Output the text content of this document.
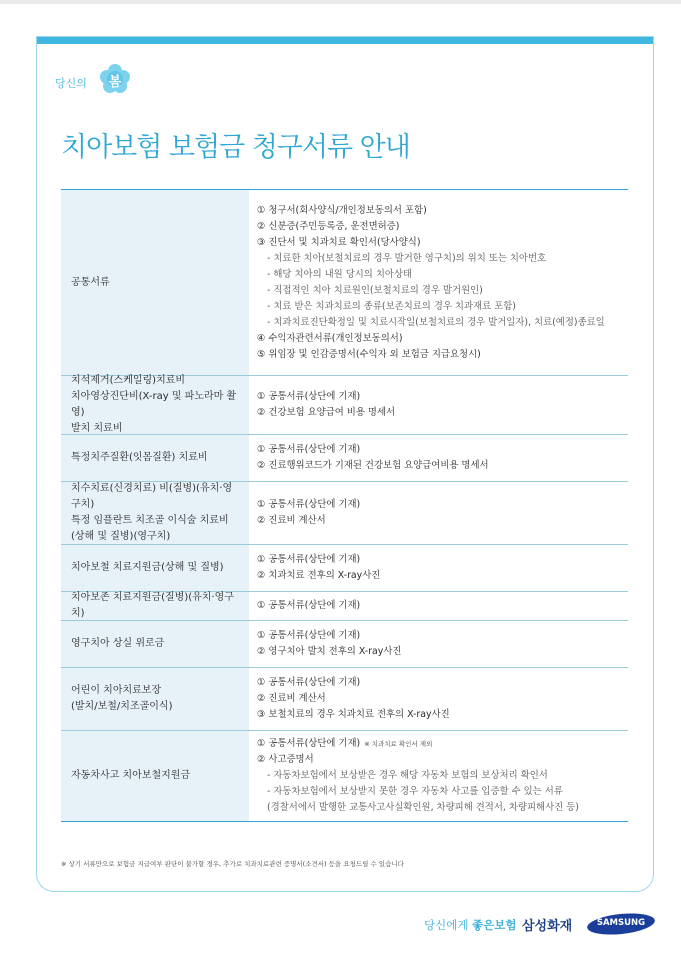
당신의	봄
치아보험 보험금 청구서류 안내
공통서류
① 청구서(회사양식/개인정보동의서 포함)
② 신분증(주민등록증, 운전면허증)
③ 진단서 및 치과치료 확인서(당사양식)
- 치료한 치아(보철치료의 경우 발거한 영구치)의 위치 또는 치아번호
- 해당 치아의 내원 당시의 치아상태
- 직접적인 치아 치료원인(보철치료의 경우 발거원인)
- 치료 받은 치과치료의 종류(보존치료의 경우 치과재료 포함)
- 치과치료진단확정일 및 치료시작일(보철치료의 경우 발거일자), 치료(예정)종료일
④ 수익자관련서류(개인정보동의서)
⑤ 위임장 및 인감증명서(수익자 외 보험금 지급요청시)
치석제거(스케일링)치료비
치아영상진단비(X-ray 및 파노라마 촬영)
발치 치료비
① 공통서류(상단에 기재)
② 건강보험 요양급여 비용 명세서
특정치주질환(잇몸질환) 치료비
① 공통서류(상단에 기재)
② 진료행위코드가 기재된 건강보험 요양급여비용 명세서
치수치료(신경치료) 비(질병)(유치·영구치)
특정 임플란트 치조골 이식술 치료비
(상해 및 질병)(영구치)
① 공통서류(상단에 기재)
② 진료비 계산서
치아보철 치료지원금(상해 및 질병)
① 공통서류(상단에 기재)
② 치과치료 전후의 X-ray사진
치아보존 치료지원금(질병)(유치·영구치)
① 공통서류(상단에 기재)
영구치아 상실 위로금
① 공통서류(상단에 기재)
② 영구치아 발치 전후의 X-ray사진
어린이 치아치료보장
(발치/보철/치조골이식)
① 공통서류(상단에 기재)
② 진료비 계산서
③ 보철치료의 경우 치과치료 전후의 X-ray사진
자동차사고 치아보철지원금
① 공통서류(상단에 기재) ※ 치과치료 확인서 제외
② 사고증명서
- 자동차보험에서 보상받은 경우 해당 자동차 보험의 보상처리 확인서
- 자동차보험에서 보상받지 못한 경우 자동차 사고를 입증할 수 있는 서류
(경찰서에서 발행한 교통사고사실확인원, 차량피해 견적서, 차량피해사진 등)
※ 상기 서류만으로 보험금 지급여부 판단이 불가할 경우, 추가로 치과치료관련 증명서(소견서) 등을 요청드릴 수 있습니다
당신에게 좋은보험 삼성화재	SAMSUNG
